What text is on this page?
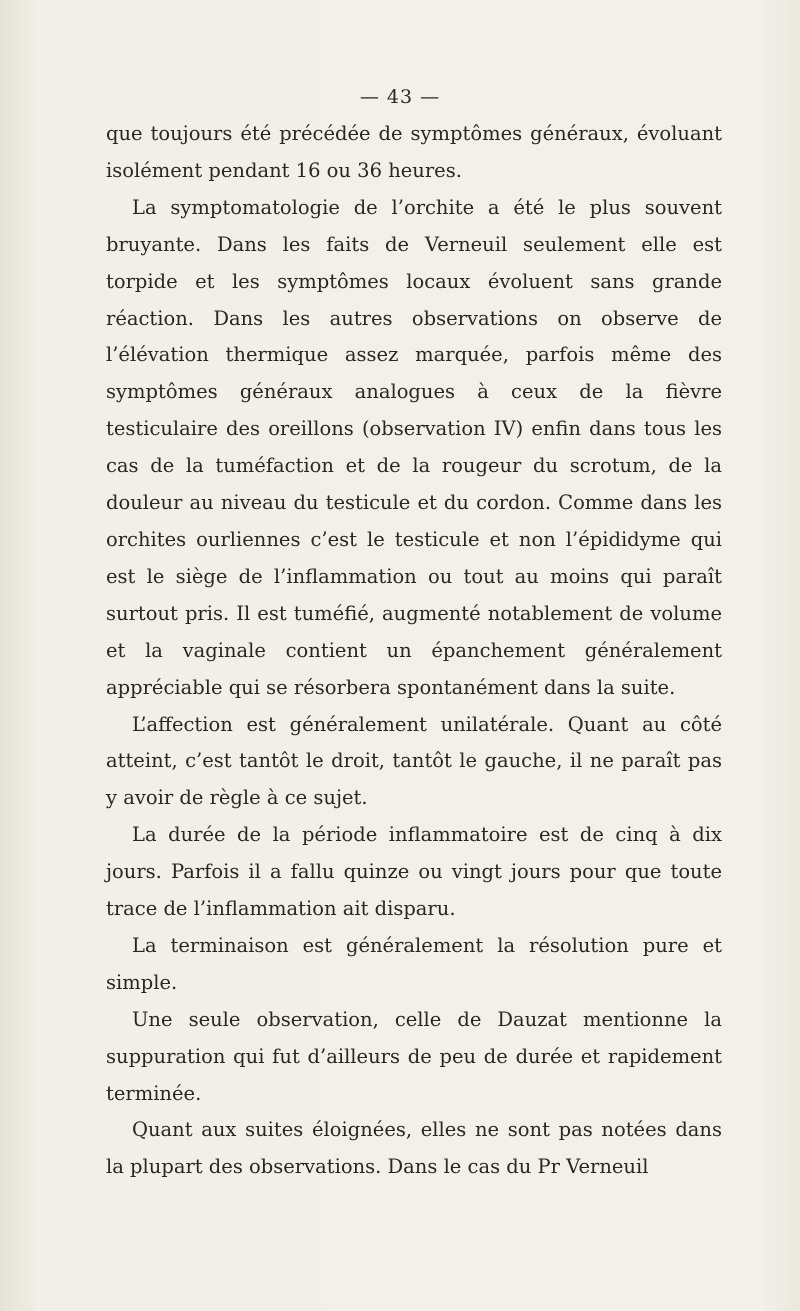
— 43 —

que toujours été précédée de symptômes généraux, évoluant isolément pendant 16 ou 36 heures.

La symptomatologie de l’orchite a été le plus souvent bruyante. Dans les faits de Verneuil seulement elle est torpide et les symptômes locaux évoluent sans grande réaction. Dans les autres observations on observe de l’élévation thermique assez marquée, parfois même des symptômes généraux analogues à ceux de la fièvre testiculaire des oreillons (observation IV) enfin dans tous les cas de la tuméfaction et de la rougeur du scrotum, de la douleur au niveau du testicule et du cordon. Comme dans les orchites ourliennes c’est le testicule et non l’épididyme qui est le siège de l’inflammation ou tout au moins qui paraît surtout pris. Il est tuméfié, augmenté notablement de volume et la vaginale contient un épanchement généralement appréciable qui se résorbera spontanément dans la suite.

L’affection est généralement unilatérale. Quant au côté atteint, c’est tantôt le droit, tantôt le gauche, il ne paraît pas y avoir de règle à ce sujet.

La durée de la période inflammatoire est de cinq à dix jours. Parfois il a fallu quinze ou vingt jours pour que toute trace de l’inflammation ait disparu.

La terminaison est généralement la résolution pure et simple.

Une seule observation, celle de Dauzat mentionne la suppuration qui fut d’ailleurs de peu de durée et rapidement terminée.

Quant aux suites éloignées, elles ne sont pas notées dans la plupart des observations. Dans le cas du Pr Verneuil
